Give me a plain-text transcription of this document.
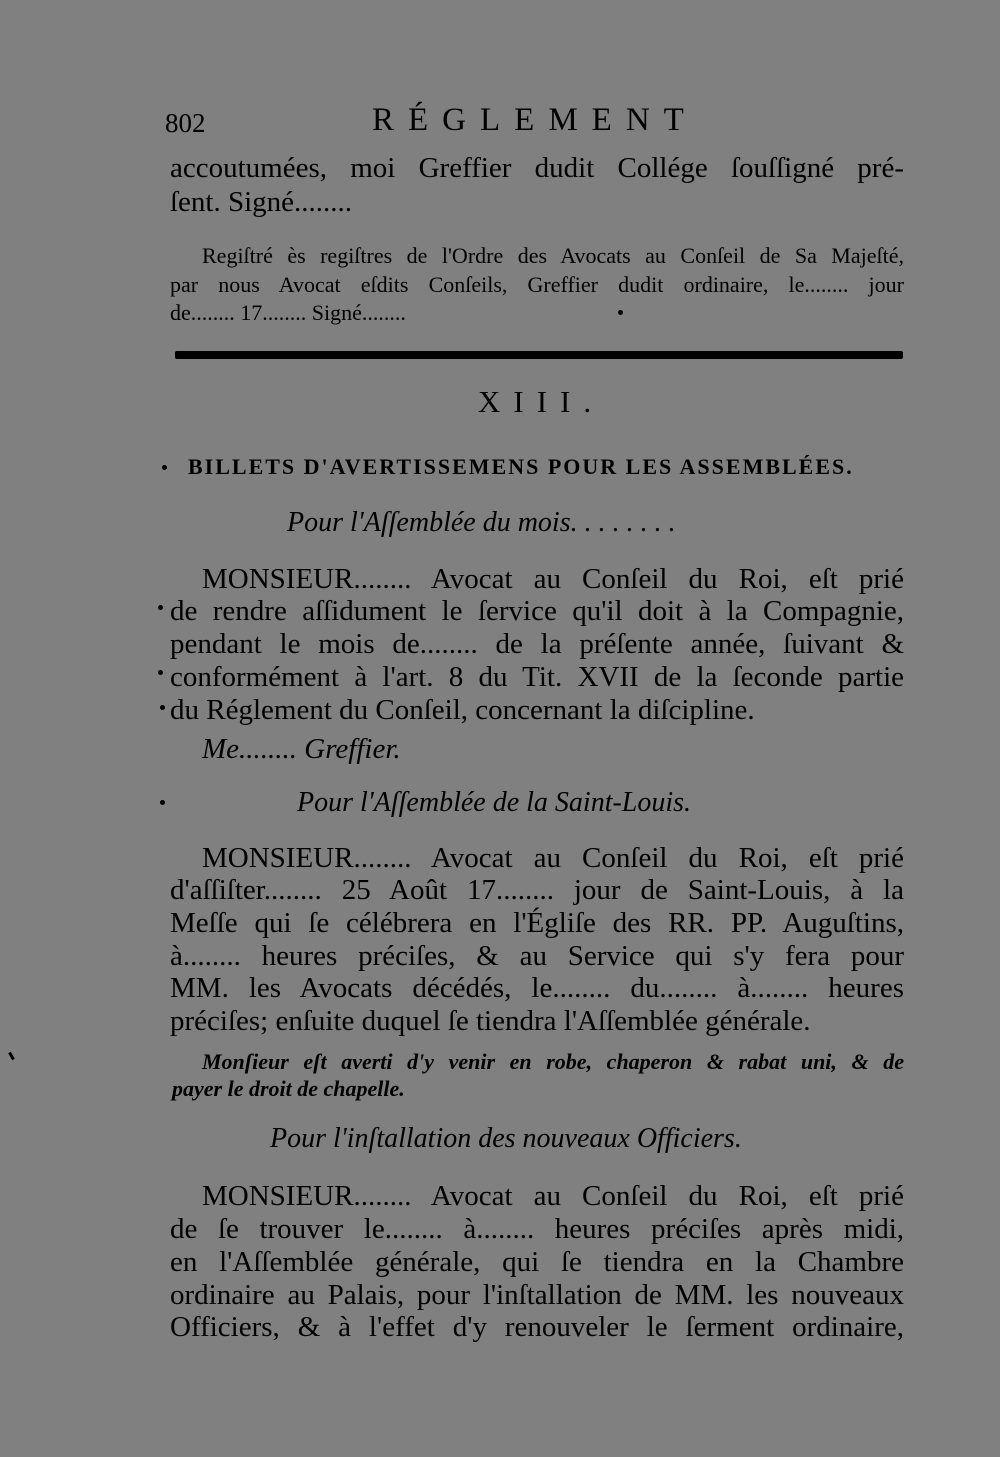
802	RÉGLEMENT
accoutumées, moi Greffier dudit Collége ſouſſigné pré-
ſent. Signé........
Regiſtré ès regiſtres de l'Ordre des Avocats au Conſeil de Sa Majeſté,
par nous Avocat eſdits Conſeils, Greffier dudit ordinaire, le........ jour
de........ 17........ Signé........
XIII.
BILLETS D'AVERTISSEMENS POUR LES ASSEMBLÉES.
Pour l'Aſſemblée du mois. . . . . . . .
MONSIEUR........ Avocat au Conſeil du Roi, eſt prié
de rendre aſſidument le ſervice qu'il doit à la Compagnie,
pendant le mois de........ de la préſente année, ſuivant &
conformément à l'art. 8 du Tit. XVII de la ſeconde partie
du Réglement du Conſeil, concernant la diſcipline.
Me........ Greffier.
Pour l'Aſſemblée de la Saint-Louis.
MONSIEUR........ Avocat au Conſeil du Roi, eſt prié
d'aſſiſter........ 25 Août 17........ jour de Saint-Louis, à la
Meſſe qui ſe célébrera en l'Égliſe des RR. PP. Auguſtins,
à........ heures préciſes, & au Service qui s'y fera pour
MM. les Avocats décédés, le........ du........ à........ heures
préciſes; enſuite duquel ſe tiendra l'Aſſemblée générale.
Monſieur eſt averti d'y venir en robe, chaperon & rabat uni, & de
payer le droit de chapelle.
Pour l'inſtallation des nouveaux Officiers.
MONSIEUR........ Avocat au Conſeil du Roi, eſt prié
de ſe trouver le........ à........ heures préciſes après midi,
en l'Aſſemblée générale, qui ſe tiendra en la Chambre
ordinaire au Palais, pour l'inſtallation de MM. les nouveaux
Officiers, & à l'effet d'y renouveler le ſerment ordinaire,
